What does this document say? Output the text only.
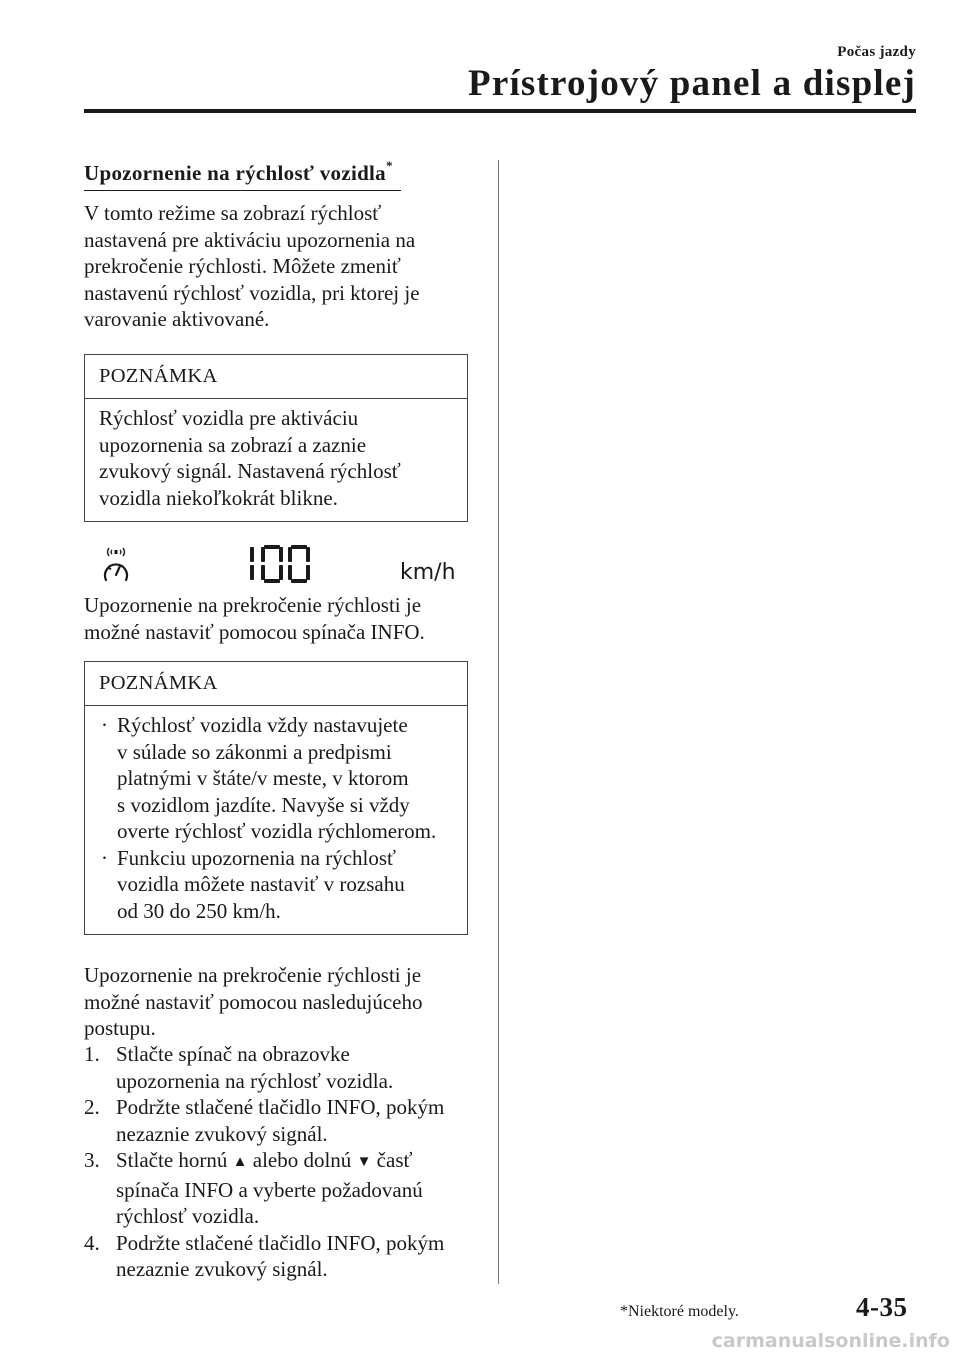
Počas jazdy
Prístrojový panel a displej
Upozornenie na rýchlosť vozidla*

V tomto režime sa zobrazí rýchlosť
nastavená pre aktiváciu upozornenia na
prekročenie rýchlosti. Môžete zmeniť
nastavenú rýchlosť vozidla, pri ktorej je
varovanie aktivované.

POZNÁMKA
Rýchlosť vozidla pre aktiváciu
upozornenia sa zobrazí a zaznie
zvukový signál. Nastavená rýchlosť
vozidla niekoľkokrát blikne.
km/h

Upozornenie na prekročenie rýchlosti je
možné nastaviť pomocou spínača INFO.

POZNÁMKA
· Rýchlosť vozidla vždy nastavujete
v súlade so zákonmi a predpismi
platnými v štáte/v meste, v ktorom
s vozidlom jazdíte. Navyše si vždy
overte rýchlosť vozidla rýchlomerom.
· Funkciu upozornenia na rýchlosť
vozidla môžete nastaviť v rozsahu
od 30 do 250 km/h.

Upozornenie na prekročenie rýchlosti je
možné nastaviť pomocou nasledujúceho
postupu.

1. Stlačte spínač na obrazovke
upozornenia na rýchlosť vozidla.
2. Podržte stlačené tlačidlo INFO, pokým
nezaznie zvukový signál.
3. Stlačte hornú ▲ alebo dolnú ▼ časť
spínača INFO a vyberte požadovanú
rýchlosť vozidla.
4. Podržte stlačené tlačidlo INFO, pokým
nezaznie zvukový signál.
*Niektoré modely.	4-35
carmanualsonline.info
